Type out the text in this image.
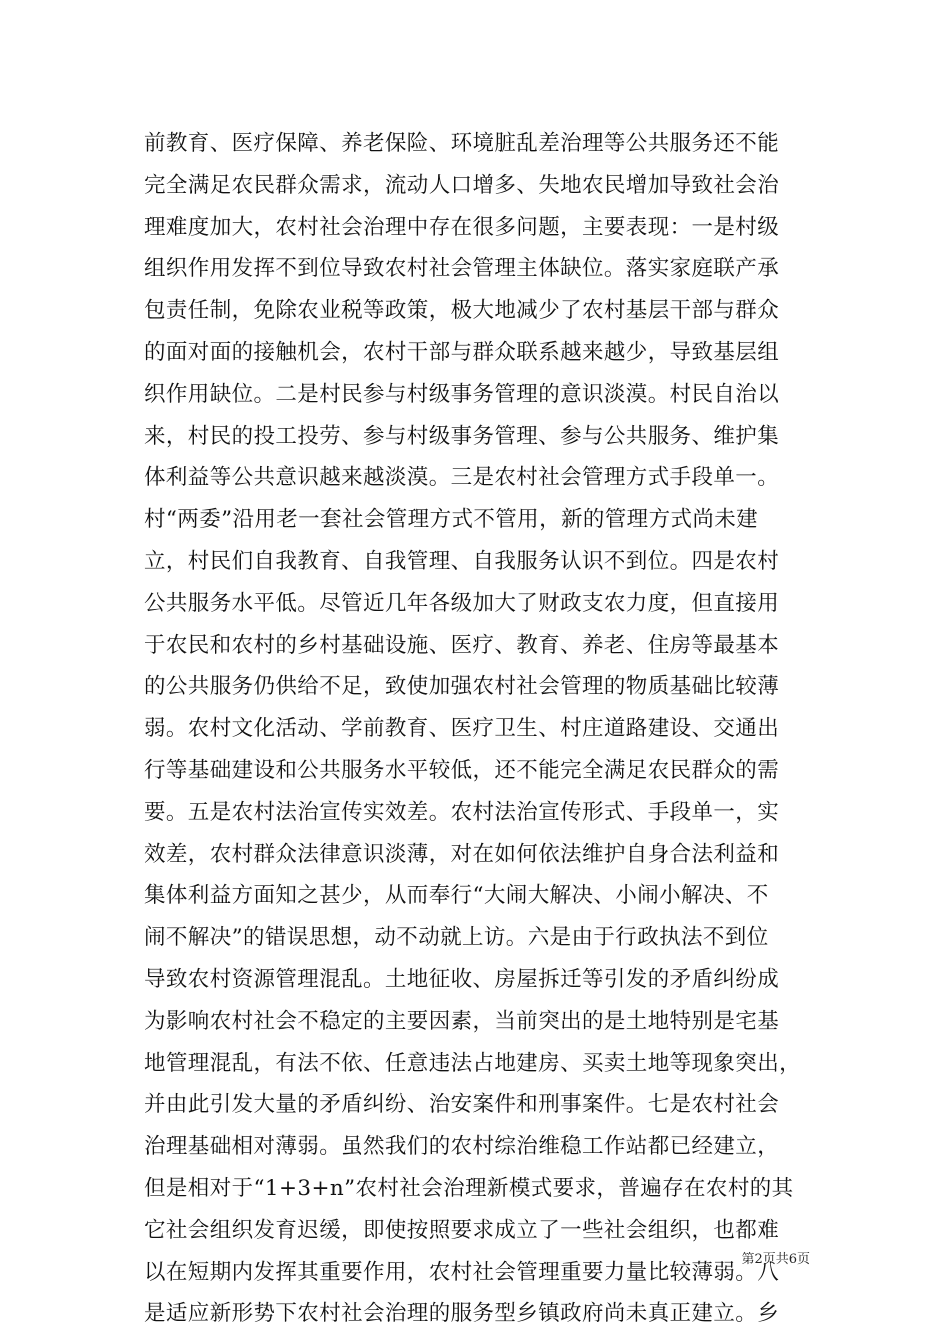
前教育、医疗保障、养老保险、环境脏乱差治理等公共服务还不能
完全满足农民群众需求，流动人口增多、失地农民增加导致社会治
理难度加大，农村社会治理中存在很多问题，主要表现：一是村级
组织作用发挥不到位导致农村社会管理主体缺位。落实家庭联产承
包责任制，免除农业税等政策，极大地减少了农村基层干部与群众
的面对面的接触机会，农村干部与群众联系越来越少，导致基层组
织作用缺位。二是村民参与村级事务管理的意识淡漠。村民自治以
来，村民的投工投劳、参与村级事务管理、参与公共服务、维护集
体利益等公共意识越来越淡漠。三是农村社会管理方式手段单一。
村“两委”沿用老一套社会管理方式不管用，新的管理方式尚未建
立，村民们自我教育、自我管理、自我服务认识不到位。四是农村
公共服务水平低。尽管近几年各级加大了财政支农力度，但直接用
于农民和农村的乡村基础设施、医疗、教育、养老、住房等最基本
的公共服务仍供给不足，致使加强农村社会管理的物质基础比较薄
弱。农村文化活动、学前教育、医疗卫生、村庄道路建设、交通出
行等基础建设和公共服务水平较低，还不能完全满足农民群众的需
要。五是农村法治宣传实效差。农村法治宣传形式、手段单一，实
效差，农村群众法律意识淡薄，对在如何依法维护自身合法利益和
集体利益方面知之甚少，从而奉行“大闹大解决、小闹小解决、不
闹不解决”的错误思想，动不动就上访。六是由于行政执法不到位
导致农村资源管理混乱。土地征收、房屋拆迁等引发的矛盾纠纷成
为影响农村社会不稳定的主要因素，当前突出的是土地特别是宅基
地管理混乱，有法不依、任意违法占地建房、买卖土地等现象突出，
并由此引发大量的矛盾纠纷、治安案件和刑事案件。七是农村社会
治理基础相对薄弱。虽然我们的农村综治维稳工作站都已经建立，
但是相对于“1+3+n”农村社会治理新模式要求，普遍存在农村的其
它社会组织发育迟缓，即使按照要求成立了一些社会组织，也都难
以在短期内发挥其重要作用，农村社会管理重要力量比较薄弱。八
是适应新形势下农村社会治理的服务型乡镇政府尚未真正建立。乡
第2页共6页
